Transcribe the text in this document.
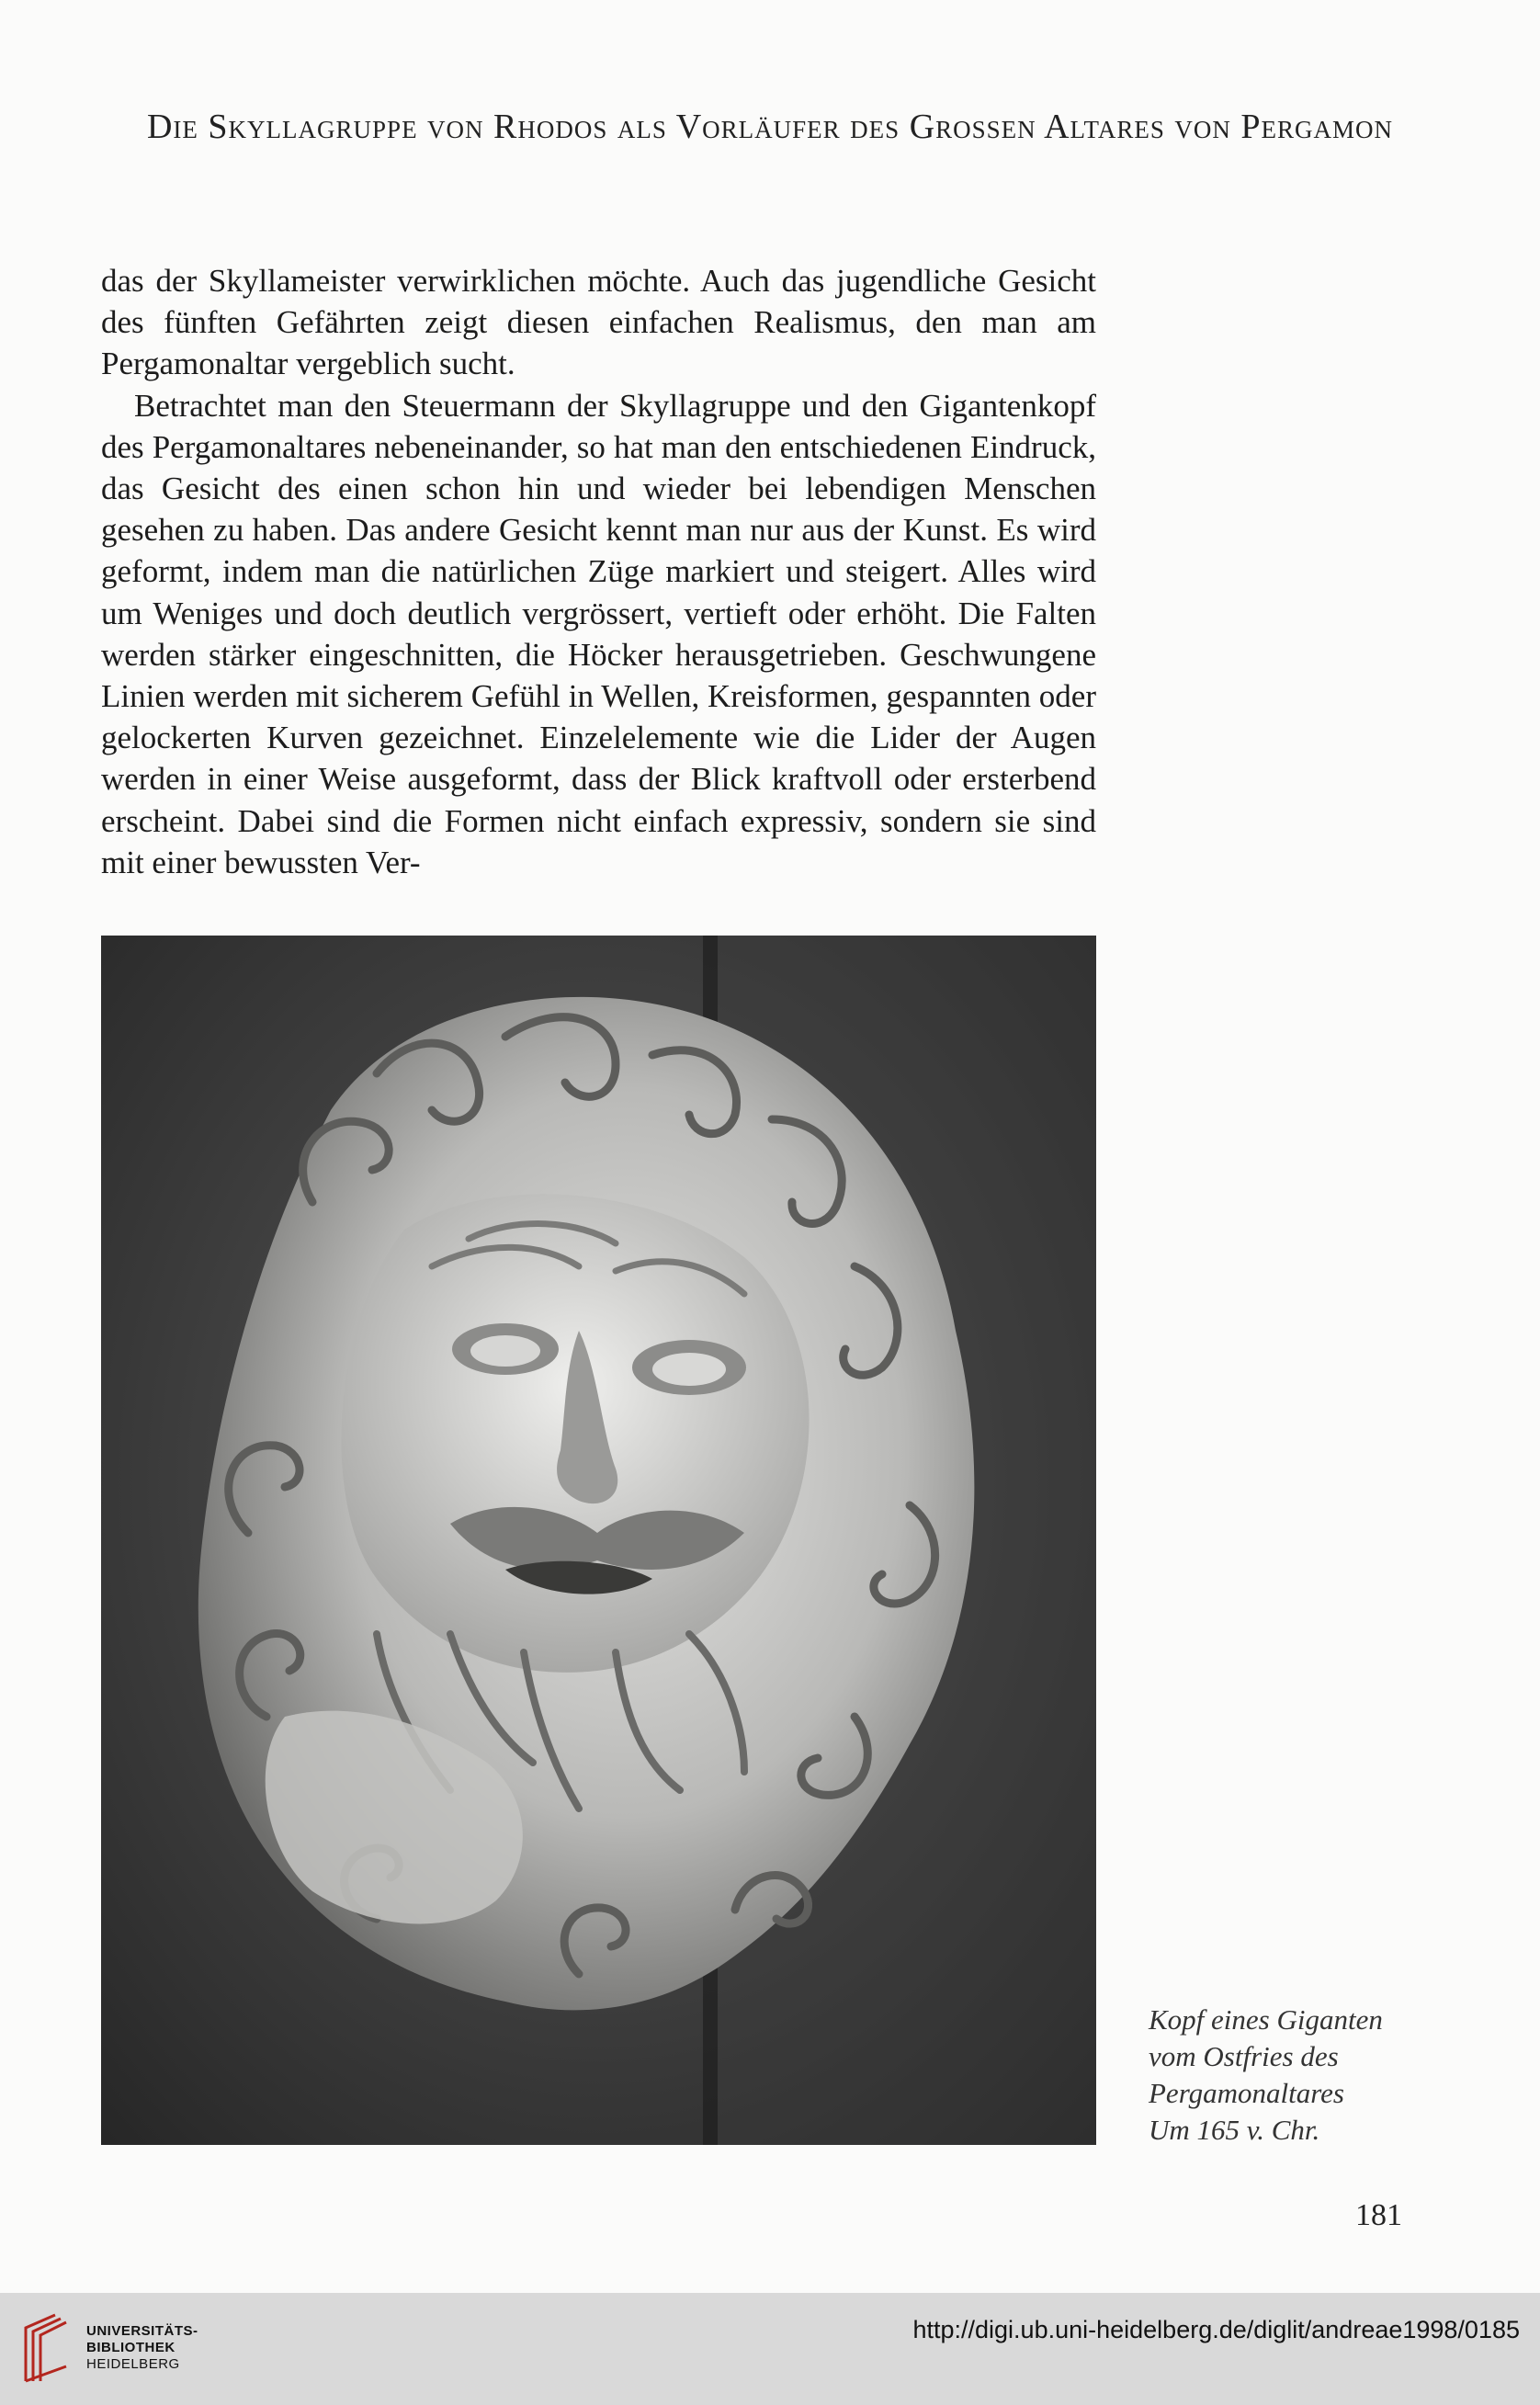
Die Skyllagruppe von Rhodos als Vorläufer des Grossen Altares von Pergamon

das der Skyllameister verwirklichen möchte. Auch das jugendliche Gesicht des fünften Gefährten zeigt diesen einfachen Realismus, den man am Pergamonaltar vergeblich sucht.

Betrachtet man den Steuermann der Skyllagruppe und den Gigantenkopf des Pergamonaltares nebeneinander, so hat man den entschiedenen Eindruck, das Gesicht des einen schon hin und wieder bei lebendigen Menschen gesehen zu haben. Das andere Gesicht kennt man nur aus der Kunst. Es wird geformt, indem man die natürlichen Züge markiert und steigert. Alles wird um Weniges und doch deutlich vergrössert, vertieft oder erhöht. Die Falten werden stärker eingeschnitten, die Höcker herausgetrieben. Geschwungene Linien werden mit sicherem Gefühl in Wellen, Kreisformen, gespannten oder gelockerten Kurven gezeichnet. Einzelelemente wie die Lider der Augen werden in einer Weise ausgeformt, dass der Blick kraftvoll oder ersterbend erscheint. Dabei sind die Formen nicht einfach expressiv, sondern sie sind mit einer bewussten Ver-

Kopf eines Giganten
vom Ostfries des
Pergamonaltares
Um 165 v. Chr.
181
UNIVERSITÄTS-
BIBLIOTHEK
HEIDELBERG
http://digi.ub.uni-heidelberg.de/diglit/andreae1998/0185
